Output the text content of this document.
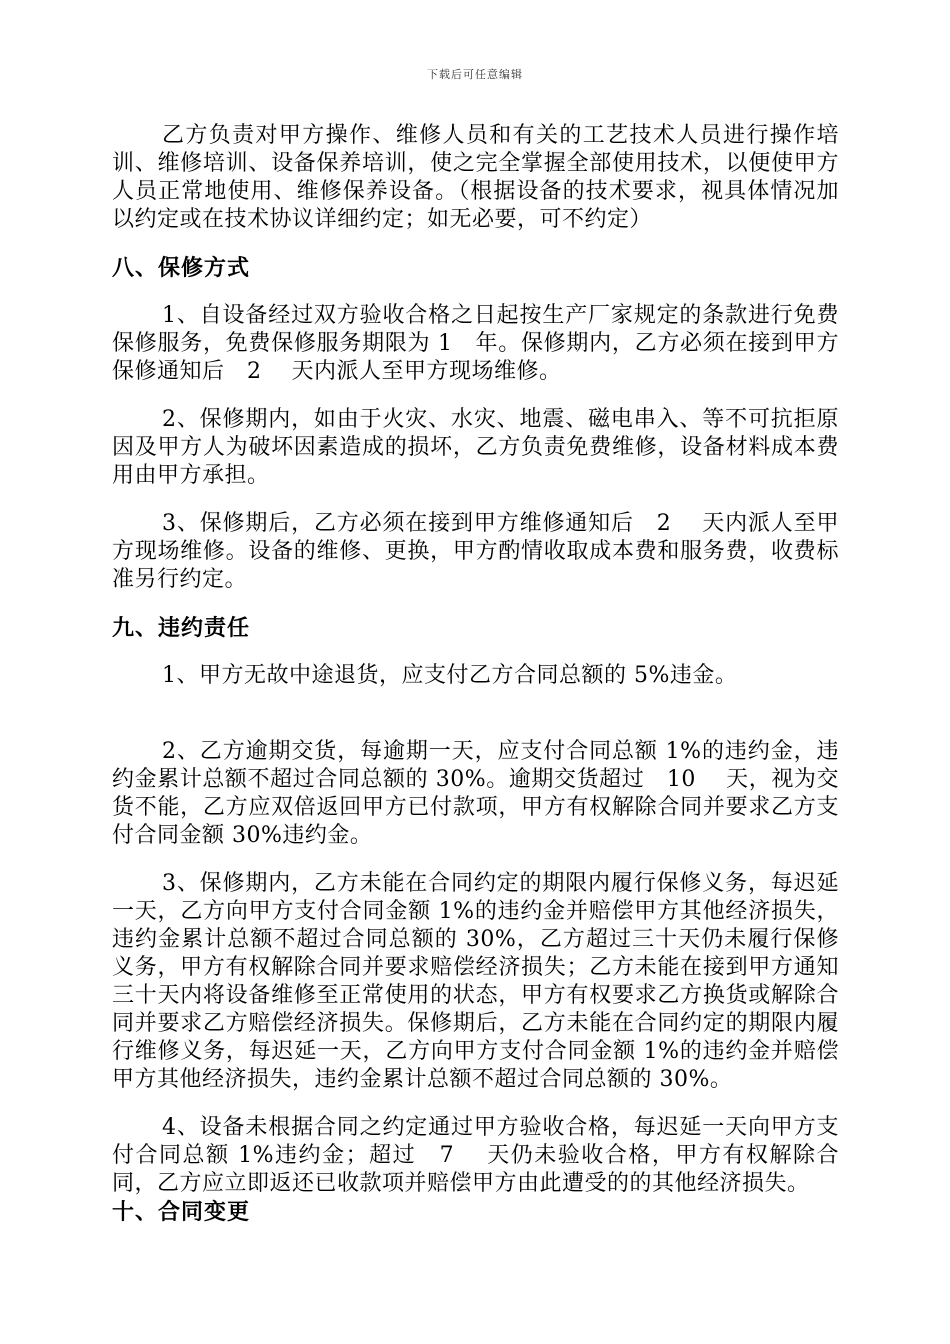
下载后可任意编辑

乙方负责对甲方操作、维修人员和有关的工艺技术人员进行操作培训、维修培训、设备保养培训，使之完全掌握全部使用技术，以便使甲方人员正常地使用、维修保养设备。（根据设备的技术要求，视具体情况加以约定或在技术协议详细约定；如无必要，可不约定）

八、保修方式

1、自设备经过双方验收合格之日起按生产厂家规定的条款进行免费保修服务，免费保修服务期限为 1　年。保修期内，乙方必须在接到甲方保修通知后　2　 天内派人至甲方现场维修。

2、保修期内，如由于火灾、水灾、地震、磁电串入、等不可抗拒原因及甲方人为破坏因素造成的损坏，乙方负责免费维修，设备材料成本费用由甲方承担。

3、保修期后，乙方必须在接到甲方维修通知后　2　 天内派人至甲方现场维修。设备的维修、更换，甲方酌情收取成本费和服务费，收费标准另行约定。

九、违约责任

1、甲方无故中途退货，应支付乙方合同总额的 5%违金。

2、乙方逾期交货，每逾期一天，应支付合同总额 1%的违约金，违约金累计总额不超过合同总额的 30%。逾期交货超过　10　 天，视为交货不能，乙方应双倍返回甲方已付款项，甲方有权解除合同并要求乙方支付合同金额 30%违约金。

3、保修期内，乙方未能在合同约定的期限内履行保修义务，每迟延一天，乙方向甲方支付合同金额 1%的违约金并赔偿甲方其他经济损失，违约金累计总额不超过合同总额的 30%，乙方超过三十天仍未履行保修义务，甲方有权解除合同并要求赔偿经济损失；乙方未能在接到甲方通知三十天内将设备维修至正常使用的状态，甲方有权要求乙方换货或解除合同并要求乙方赔偿经济损失。保修期后，乙方未能在合同约定的期限内履行维修义务，每迟延一天，乙方向甲方支付合同金额 1%的违约金并赔偿甲方其他经济损失，违约金累计总额不超过合同总额的 30%。

4、设备未根据合同之约定通过甲方验收合格，每迟延一天向甲方支付合同总额 1%违约金；超过　7　 天仍未验收合格，甲方有权解除合同，乙方应立即返还已收款项并赔偿甲方由此遭受的的其他经济损失。

十、合同变更
